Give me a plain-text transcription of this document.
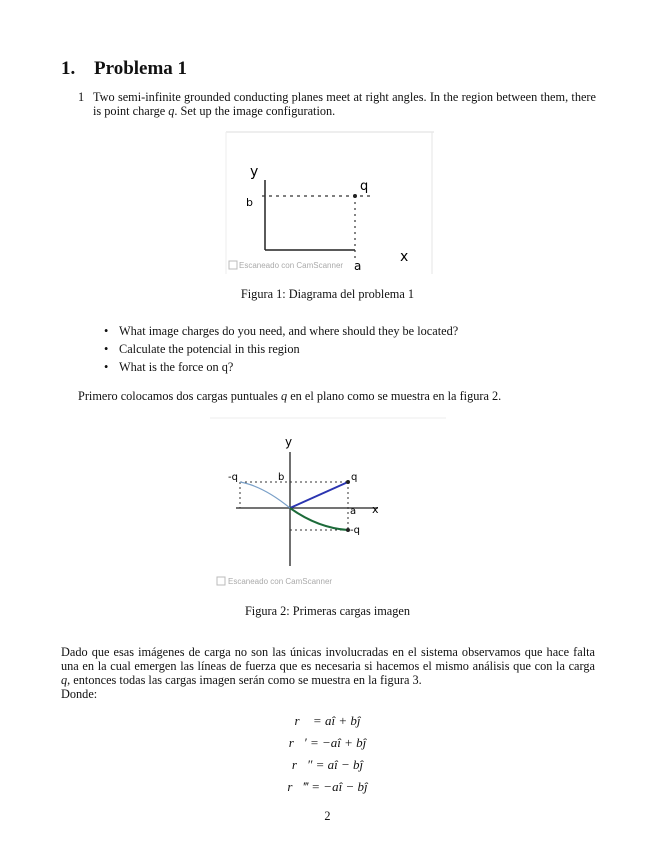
1. Problema 1
1 Two semi-infinite grounded conducting planes meet at right angles. In the region between them, there is point charge q. Set up the image configuration.
y
b
q
a
x
Escaneado con CamScanner
Figura 1: Diagrama del problema 1
• What image charges do you need, and where should they be located?
• Calculate the potencial in this region
• What is the force on q?
Primero colocamos dos cargas puntuales q en el plano como se muestra en la figura 2.
y
-q	b	q
a x
-q
Escaneado con CamScanner
Figura 2: Primeras cargas imagen
Dado que esas imágenes de carga no son las únicas involucradas en el sistema observamos que hace falta una en la cual emergen las líneas de fuerza que es necesaria si hacemos el mismo análisis que con la carga q, entonces todas las cargas imagen serán como se muestra en la figura 3.
Donde:
r⃗ = aî + bĵ
r⃗′ = −aî + bĵ
r⃗″ = aî − bĵ
r⃗‴ = −aî − bĵ
2
